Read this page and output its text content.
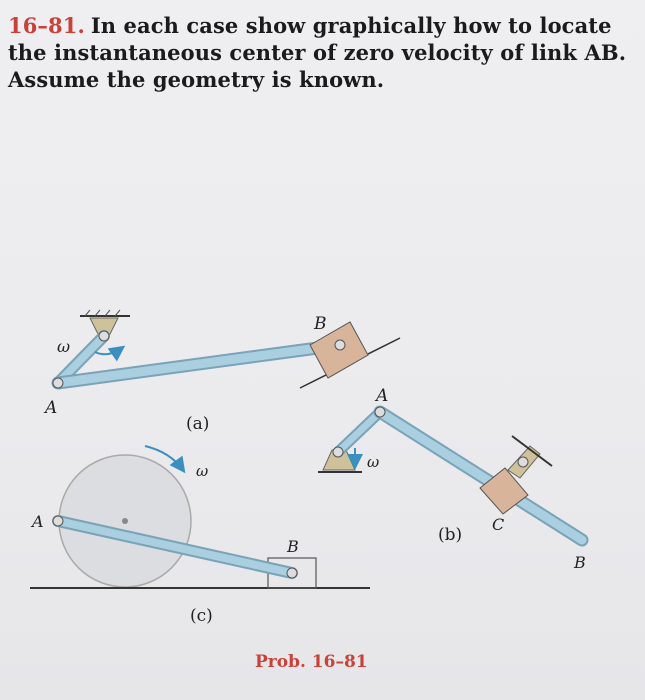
16–81. In each case show graphically how to locate the instantaneous center of zero velocity of link AB. Assume the geometry is known.
ω
A
B
(a)
ω
A
C
B
(b)
ω
A
B
(c)
Prob. 16–81
